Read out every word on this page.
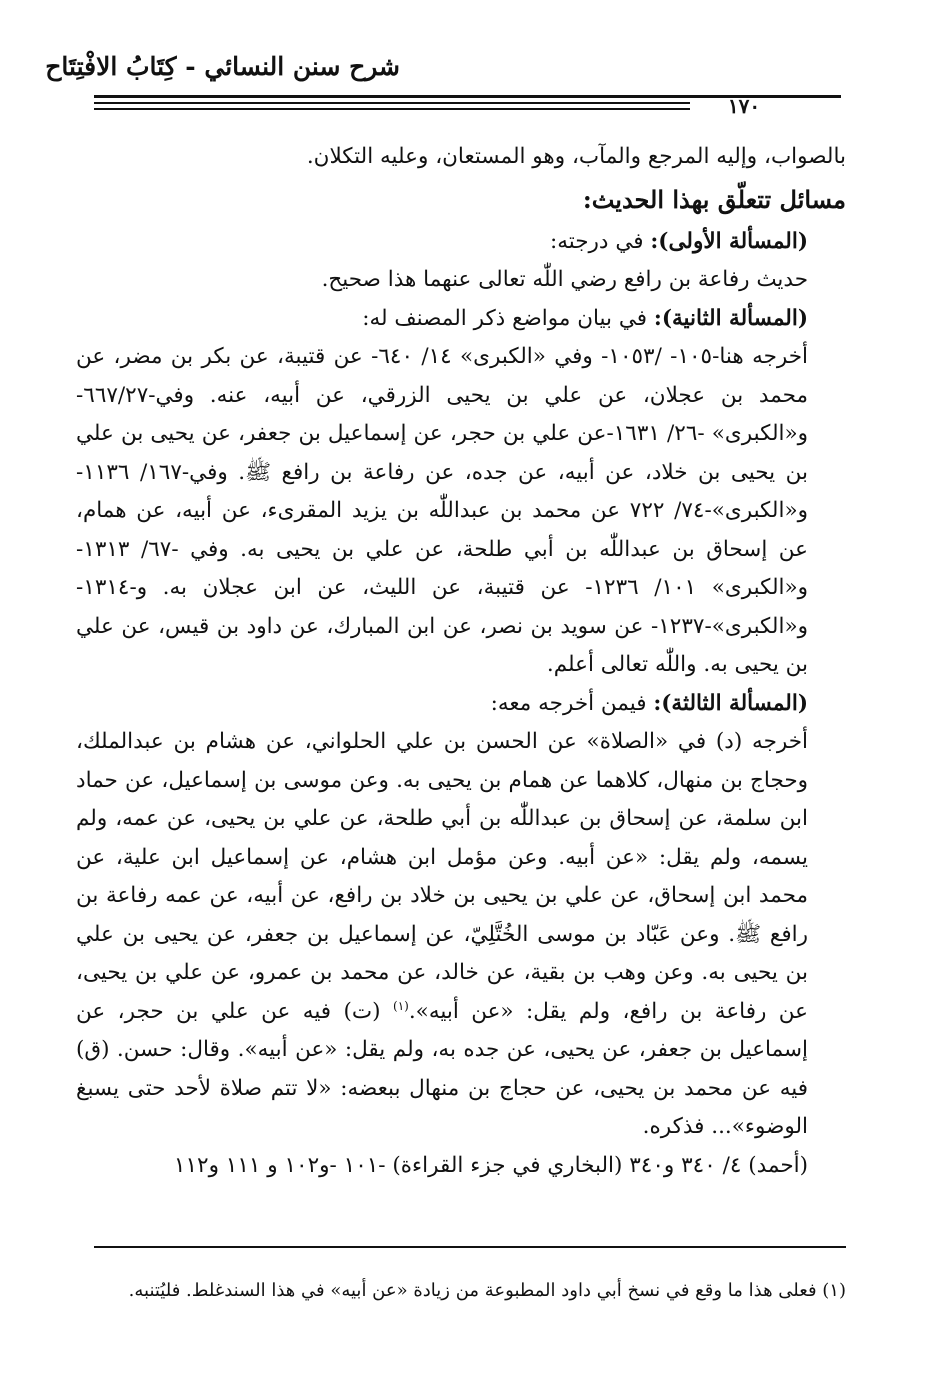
شرح سنن النسائي - كِتَابُ الافْتِتَاح
١٧٠

بالصواب، وإليه المرجع والمآب، وهو المستعان، وعليه التكلان.

مسائل تتعلّق بهذا الحديث:

(المسألة الأولى): في درجته:

حديث رفاعة بن رافع رضي اللّٰه تعالى عنهما هذا صحيح.

(المسألة الثانية): في بيان مواضع ذكر المصنف له:

أخرجه هنا-١٠٥- /١٠٥٣- وفي «الكبرى» ١٤/ ٦٤٠- عن قتيبة، عن بكر بن مضر، عن محمد بن عجلان، عن علي بن يحيى الزرقي، عن أبيه، عنه. وفي-٦٦٧/٢٧- و«الكبرى» -٢٦/ ١٦٣١-عن علي بن حجر، عن إسماعيل بن جعفر، عن يحيى بن علي بن يحيى بن خلاد، عن أبيه، عن جده، عن رفاعة بن رافع ﷺ. وفي-١٦٧/ ١١٣٦- و«الكبرى»-٧٤/ ٧٢٢ عن محمد بن عبداللّٰه بن يزيد المقرىء، عن أبيه، عن همام، عن إسحاق بن عبداللّٰه بن أبي طلحة، عن علي بن يحيى به. وفي -٦٧/ ١٣١٣- و«الكبرى» ١٠١/ ١٢٣٦- عن قتيبة، عن الليث، عن ابن عجلان به. و-١٣١٤- و«الكبرى»-١٢٣٧- عن سويد بن نصر، عن ابن المبارك، عن داود بن قيس، عن علي بن يحيى به. واللّٰه تعالى أعلم.

(المسألة الثالثة): فيمن أخرجه معه:

أخرجه (د) في «الصلاة» عن الحسن بن علي الحلواني، عن هشام بن عبدالملك، وحجاج بن منهال، كلاهما عن همام بن يحيى به. وعن موسى بن إسماعيل، عن حماد ابن سلمة، عن إسحاق بن عبداللّٰه بن أبي طلحة، عن علي بن يحيى، عن عمه، ولم يسمه، ولم يقل: «عن أبيه. وعن مؤمل ابن هشام، عن إسماعيل ابن علية، عن محمد ابن إسحاق، عن علي بن يحيى بن خلاد بن رافع، عن أبيه، عن عمه رفاعة بن رافع ﷺ. وعن عَبّاد بن موسى الخُتَّلِيّ، عن إسماعيل بن جعفر، عن يحيى بن علي بن يحيى به. وعن وهب بن بقية، عن خالد، عن محمد بن عمرو، عن علي بن يحيى، عن رفاعة بن رافع، ولم يقل: «عن أبيه».$^{(١)}$ (ت) فيه عن علي بن حجر، عن إسماعيل بن جعفر، عن يحيى، عن جده به، ولم يقل: «عن أبيه». وقال: حسن. (ق) فيه عن محمد بن يحيى، عن حجاج بن منهال ببعضه: «لا تتم صلاة لأحد حتى يسبغ الوضوء»... فذكره.

(أحمد) ٤/ ٣٤٠ و٣٤٠ (البخاري في جزء القراءة) -١٠١ -و١٠٢ و ١١١ و١١٢

(١) فعلى هذا ما وقع في نسخ أبي داود المطبوعة من زيادة «عن أبيه» في هذا السندغلط. فليُتنبه.
